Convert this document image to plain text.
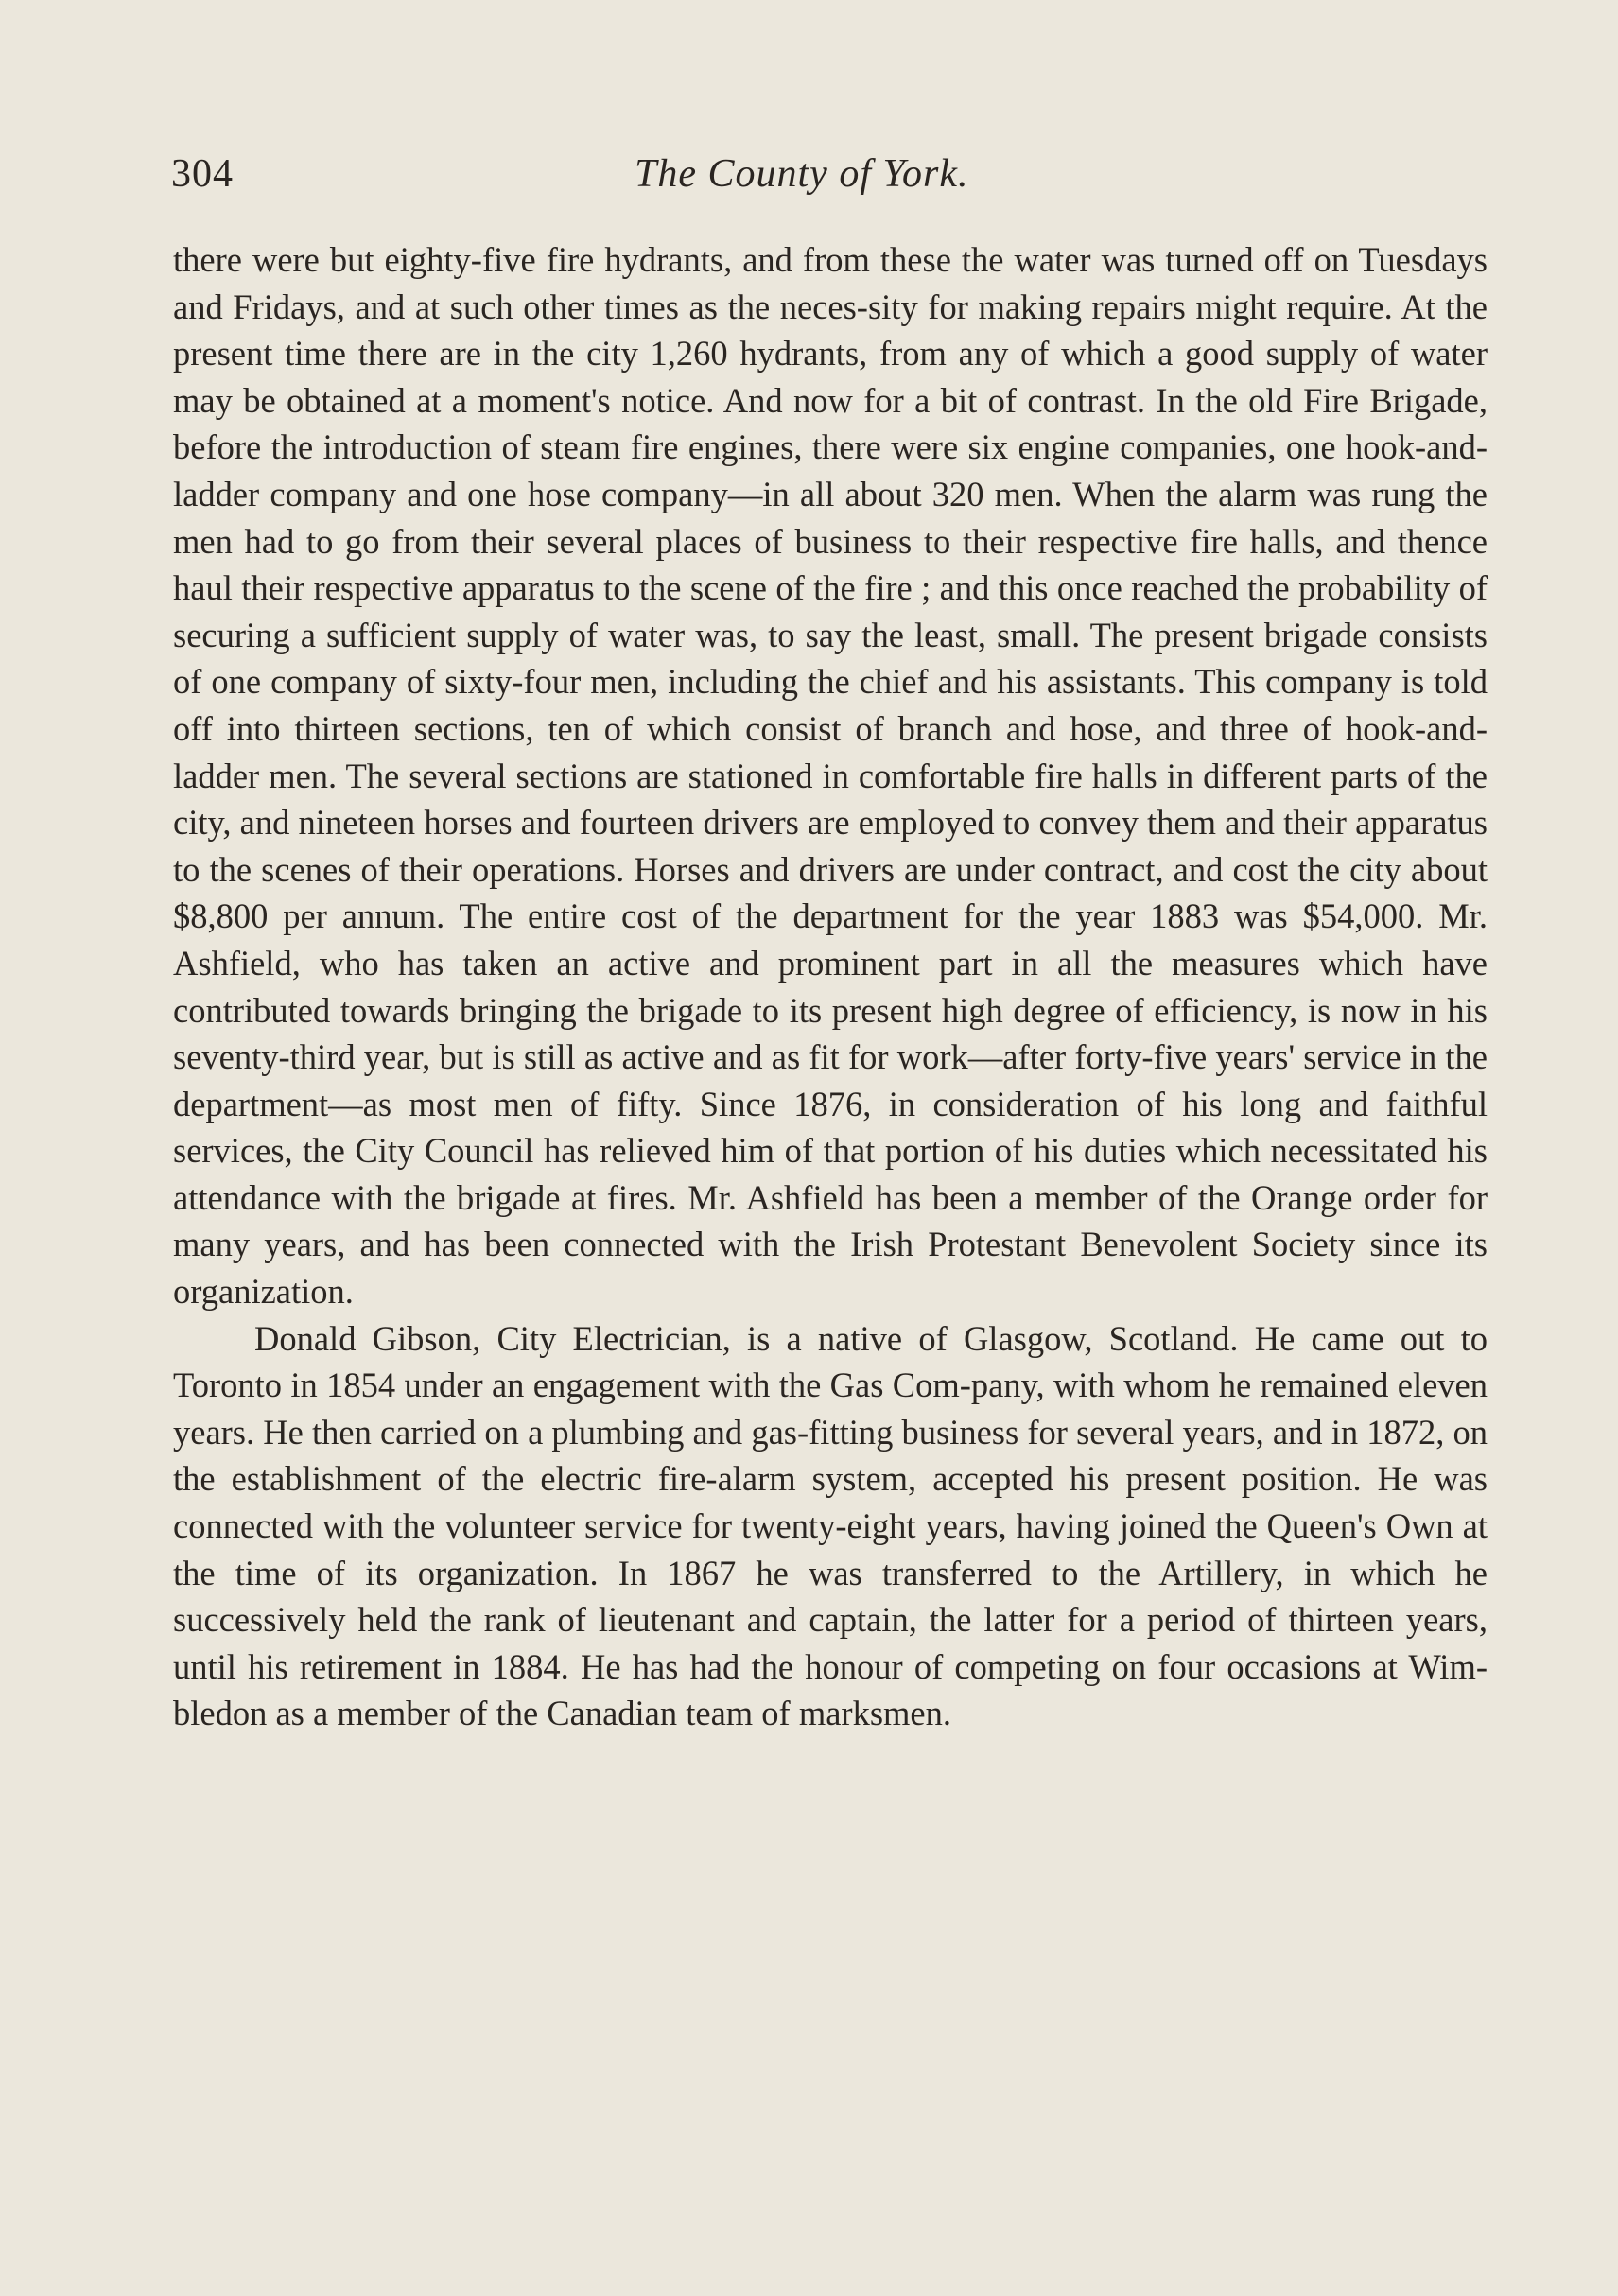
304	The County of York.

there were but eighty-five fire hydrants, and from these the water was turned off on Tuesdays and Fridays, and at such other times as the neces-sity for making repairs might require. At the present time there are in the city 1,260 hydrants, from any of which a good supply of water may be obtained at a moment's notice. And now for a bit of contrast. In the old Fire Brigade, before the introduction of steam fire engines, there were six engine companies, one hook-and-ladder company and one hose company—in all about 320 men. When the alarm was rung the men had to go from their several places of business to their respective fire halls, and thence haul their respective apparatus to the scene of the fire ; and this once reached the probability of securing a sufficient supply of water was, to say the least, small. The present brigade consists of one company of sixty-four men, including the chief and his assistants. This company is told off into thirteen sections, ten of which consist of branch and hose, and three of hook-and-ladder men. The several sections are stationed in comfortable fire halls in different parts of the city, and nineteen horses and fourteen drivers are employed to convey them and their apparatus to the scenes of their operations. Horses and drivers are under contract, and cost the city about $8,800 per annum. The entire cost of the department for the year 1883 was $54,000. Mr. Ashfield, who has taken an active and prominent part in all the measures which have contributed towards bringing the brigade to its present high degree of efficiency, is now in his seventy-third year, but is still as active and as fit for work—after forty-five years' service in the department—as most men of fifty. Since 1876, in consideration of his long and faithful services, the City Council has relieved him of that portion of his duties which necessitated his attendance with the brigade at fires. Mr. Ashfield has been a member of the Orange order for many years, and has been connected with the Irish Protestant Benevolent Society since its organization.

Donald Gibson, City Electrician, is a native of Glasgow, Scotland. He came out to Toronto in 1854 under an engagement with the Gas Com-pany, with whom he remained eleven years. He then carried on a plumbing and gas-fitting business for several years, and in 1872, on the establishment of the electric fire-alarm system, accepted his present position. He was connected with the volunteer service for twenty-eight years, having joined the Queen's Own at the time of its organization. In 1867 he was transferred to the Artillery, in which he successively held the rank of lieutenant and captain, the latter for a period of thirteen years, until his retirement in 1884. He has had the honour of competing on four occasions at Wim-bledon as a member of the Canadian team of marksmen.
